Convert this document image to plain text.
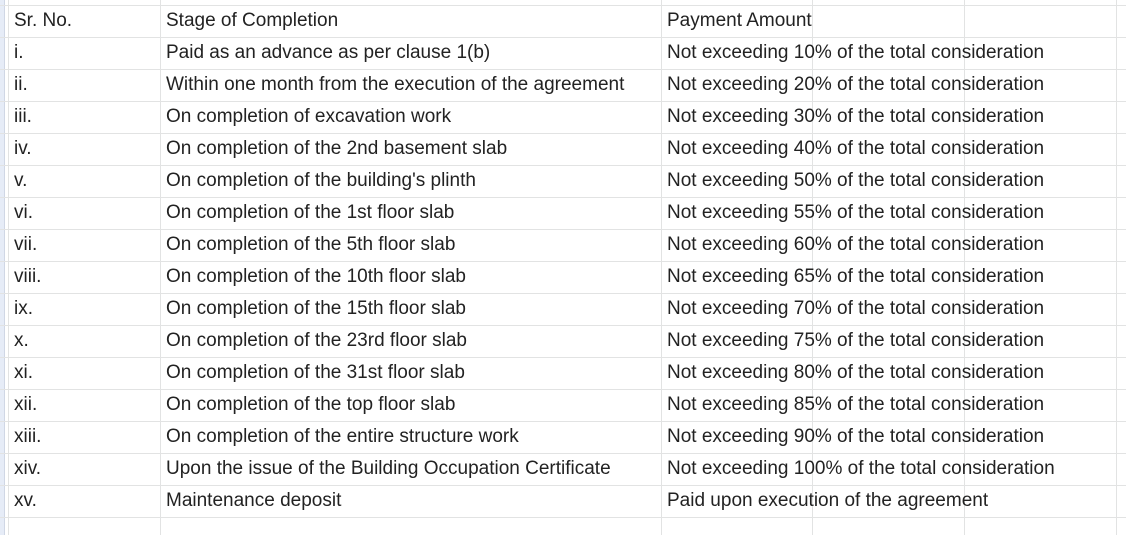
Sr. No.	Stage of Completion	Payment Amount
i.	Paid as an advance as per clause 1(b)	Not exceeding 10% of the total consideration
ii.	Within one month from the execution of the agreement	Not exceeding 20% of the total consideration
iii.	On completion of excavation work	Not exceeding 30% of the total consideration
iv.	On completion of the 2nd basement slab	Not exceeding 40% of the total consideration
v.	On completion of the building's plinth	Not exceeding 50% of the total consideration
vi.	On completion of the 1st floor slab	Not exceeding 55% of the total consideration
vii.	On completion of the 5th floor slab	Not exceeding 60% of the total consideration
viii.	On completion of the 10th floor slab	Not exceeding 65% of the total consideration
ix.	On completion of the 15th floor slab	Not exceeding 70% of the total consideration
x.	On completion of the 23rd floor slab	Not exceeding 75% of the total consideration
xi.	On completion of the 31st floor slab	Not exceeding 80% of the total consideration
xii.	On completion of the top floor slab	Not exceeding 85% of the total consideration
xiii.	On completion of the entire structure work	Not exceeding 90% of the total consideration
xiv.	Upon the issue of the Building Occupation Certificate	Not exceeding 100% of the total consideration
xv.	Maintenance deposit	Paid upon execution of the agreement
